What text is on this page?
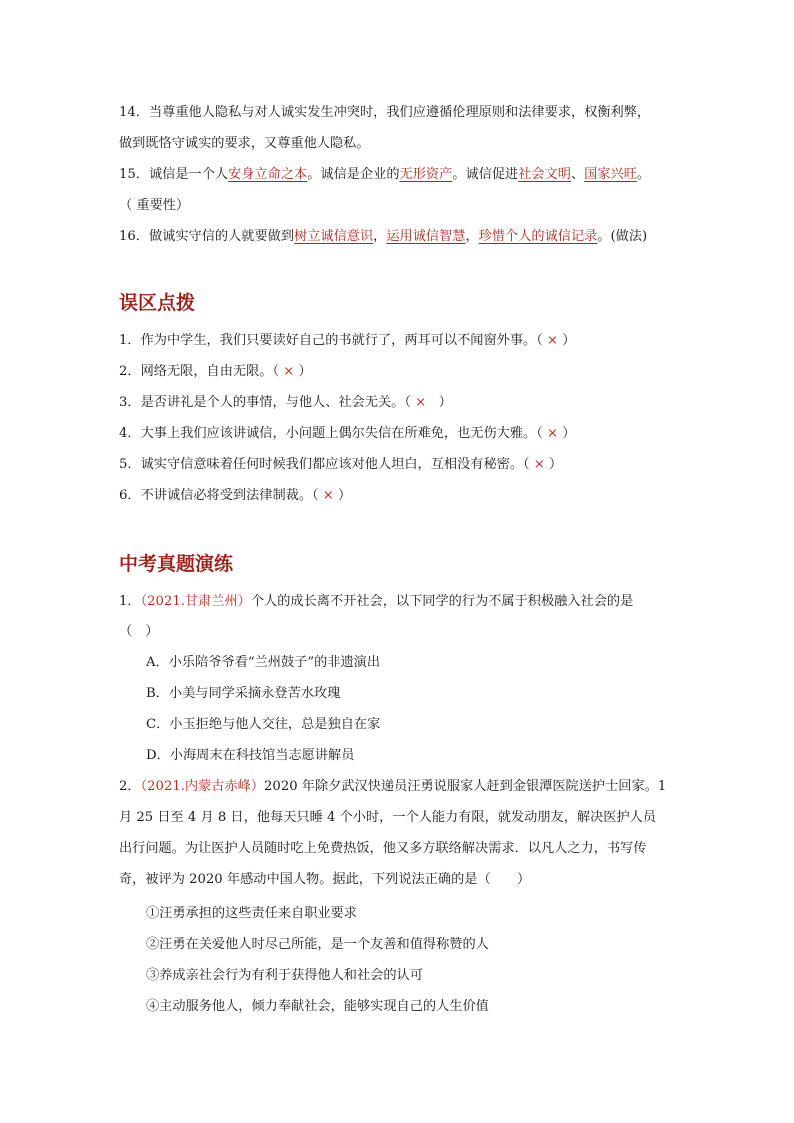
14．当尊重他人隐私与对人诚实发生冲突时，我们应遵循伦理原则和法律要求，权衡利弊，
做到既恪守诚实的要求，又尊重他人隐私。
15．诚信是一个人安身立命之本。诚信是企业的无形资产。诚信促进社会文明、国家兴旺。
（ 重要性）
16．做诚实守信的人就要做到树立诚信意识，运用诚信智慧，珍惜个人的诚信记录。(做法)
误区点拨
1．作为中学生，我们只要读好自己的书就行了，两耳可以不闻窗外事。（ × ）
2．网络无限，自由无限。（ × ）
3．是否讲礼是个人的事情，与他人、社会无关。（ ×   ）
4．大事上我们应该讲诚信，小问题上偶尔失信在所难免，也无伤大雅。（ × ）
5．诚实守信意味着任何时候我们都应该对他人坦白，互相没有秘密。（ × ）
6．不讲诚信必将受到法律制裁。（ × ）
中考真题演练
1．（2021.甘肃兰州）个人的成长离不开社会，以下同学的行为不属于积极融入社会的是
（　）
A．小乐陪爷爷看“兰州鼓子”的非遗演出
B．小美与同学采摘永登苦水玫瑰
C．小玉拒绝与他人交往，总是独自在家
D．小海周末在科技馆当志愿讲解员
2．（2021.内蒙古赤峰）2020 年除夕武汉快递员汪勇说服家人赶到金银潭医院送护士回家。1
月 25 日至 4 月 8 日，他每天只睡 4 个小时，一个人能力有限，就发动朋友，解决医护人员
出行问题。为让医护人员随时吃上免费热饭，他又多方联络解决需求．以凡人之力，书写传
奇，被评为 2020 年感动中国人物。据此，下列说法正确的是（　　）
①汪勇承担的这些责任来自职业要求
②汪勇在关爱他人时尽己所能，是一个友善和值得称赞的人
③养成亲社会行为有利于获得他人和社会的认可
④主动服务他人，倾力奉献社会，能够实现自己的人生价值
